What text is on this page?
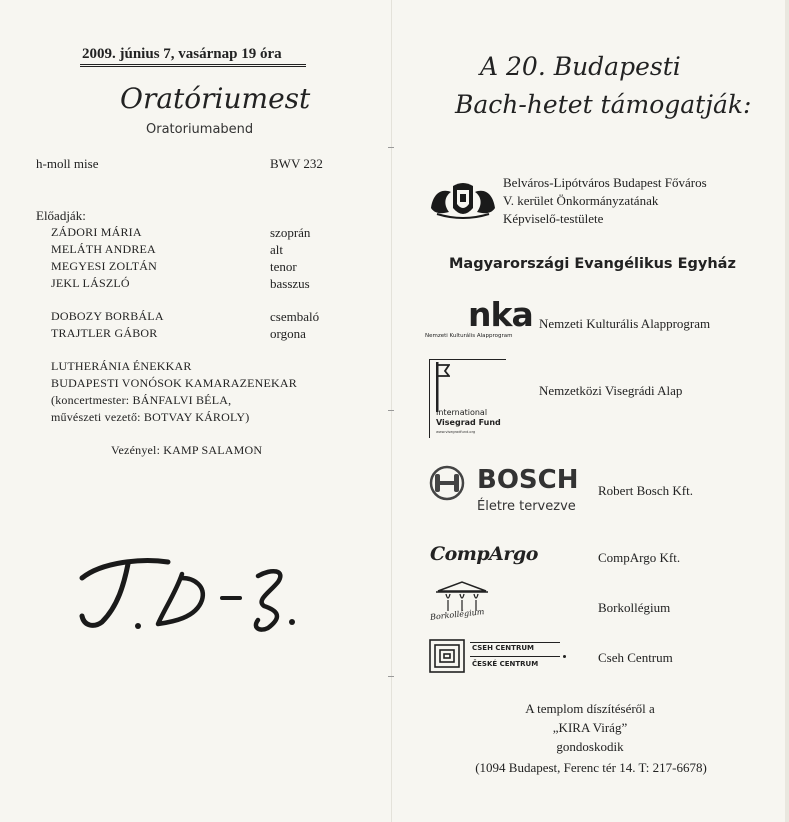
2009. június 7, vasárnap 19 óra
Oratóriumest
Oratoriumabend
h-moll mise	BWV 232
Előadják:
ZÁDORI MÁRIA	szoprán
MELÁTH ANDREA	alt
MEGYESI ZOLTÁN	tenor
JEKL LÁSZLÓ	basszus
DOBOZY BORBÁLA	csembaló
TRAJTLER GÁBOR	orgona
LUTHERÁNIA ÉNEKKAR
BUDAPESTI VONÓSOK KAMARAZENEKAR
(koncertmester: BÁNFALVI BÉLA,
művészeti vezető: BOTVAY KÁROLY)
Vezényel: KAMP SALAMON
A 20. Budapesti
Bach-hetet támogatják:
Belváros-Lipótváros Budapest Főváros
V. kerület Önkormányzatának
Képviselő-testülete
Magyarországi Evangélikus Egyház
nka
Nemzeti Kulturális Alapprogram
Nemzeti Kulturális Alapprogram
International
Visegrad Fund
www.visegradfund.org
Nemzetközi Visegrádi Alap
BOSCH
Életre tervezve
Robert Bosch Kft.
CompArgo	CompArgo Kft.
Borkollégium	Borkollégium
CSEH CENTRUM
ČESKÉ CENTRUM	Cseh Centrum
A templom díszítéséről a
„KIRA Virág”
gondoskodik
(1094 Budapest, Ferenc tér 14. T: 217-6678)
